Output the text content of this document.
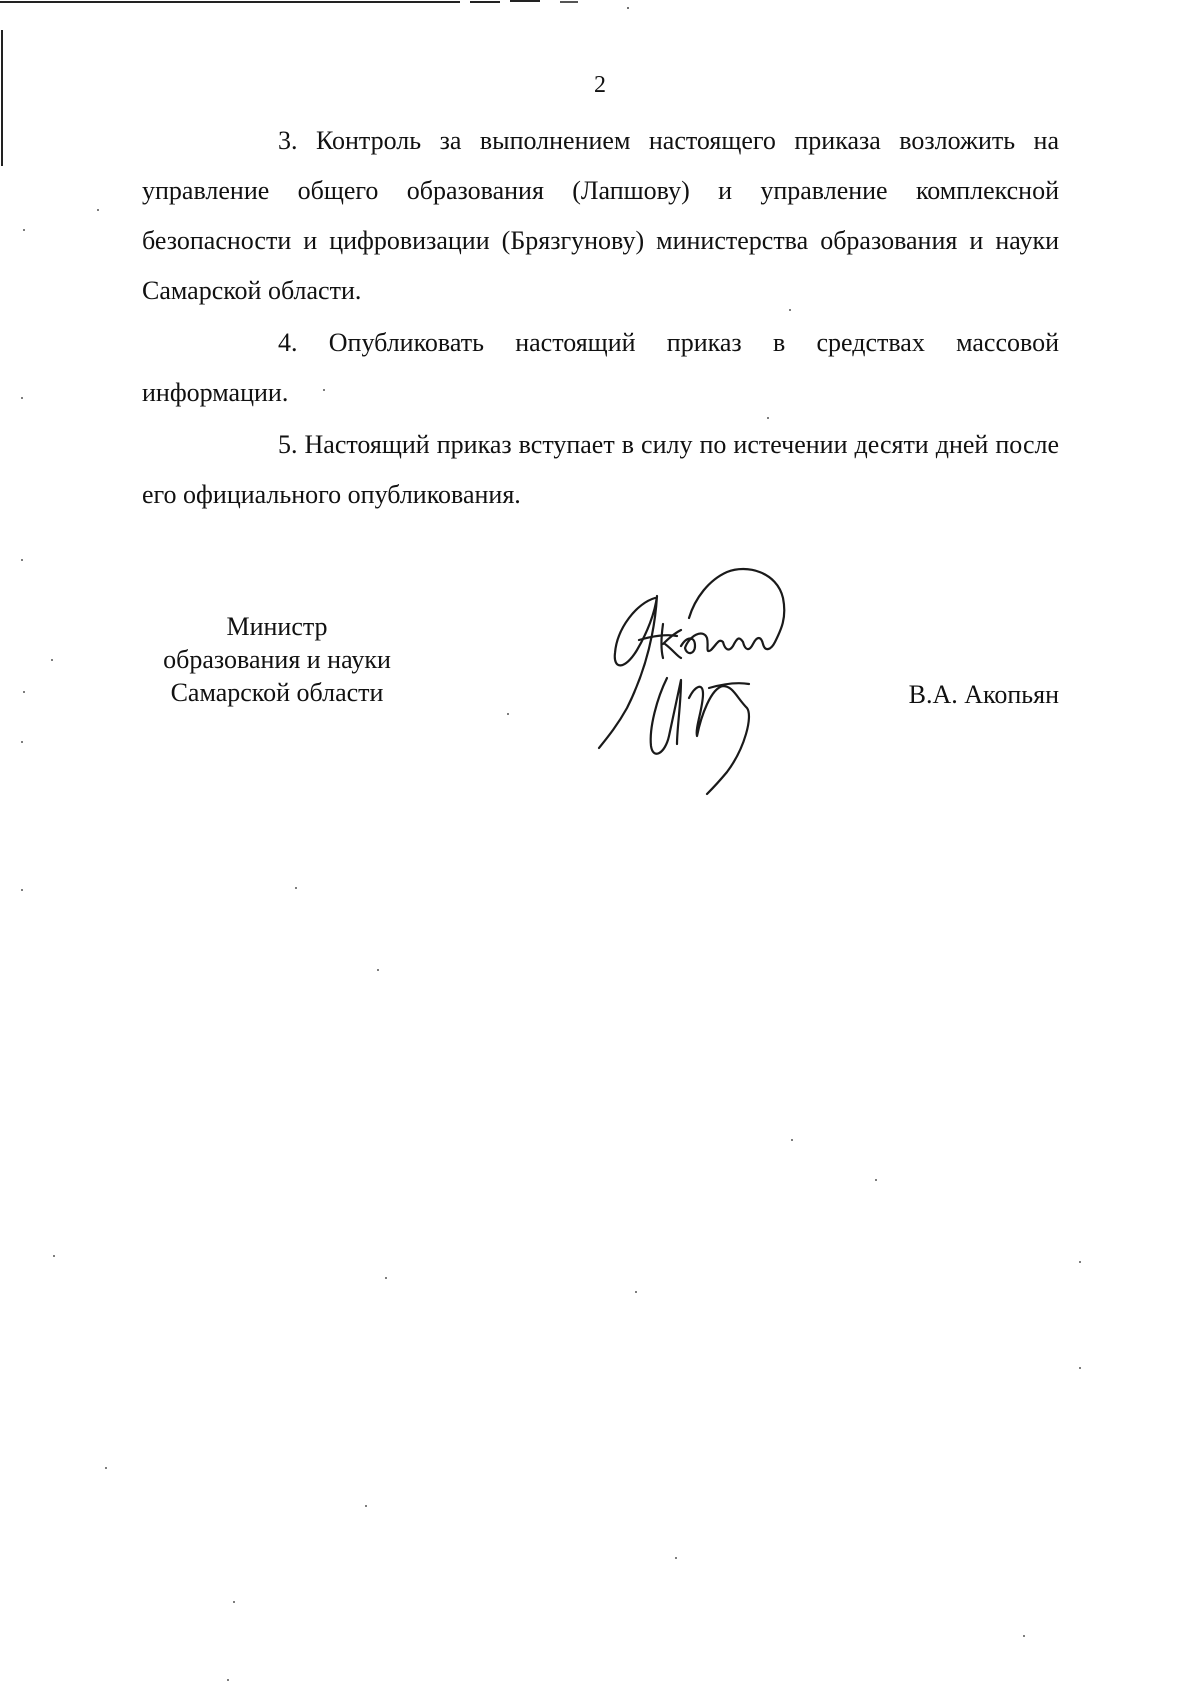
2

3. Контроль за выполнением настоящего приказа возложить на управление общего образования (Лапшову) и управление комплексной безопасности и цифровизации (Брязгунову) министерства образования и науки Самарской области.

4. Опубликовать настоящий приказ в средствах массовой информации.

5. Настоящий приказ вступает в силу по истечении десяти дней после его официального опубликования.

Министр
образования и науки
Самарской области	В.А. Акопьян
